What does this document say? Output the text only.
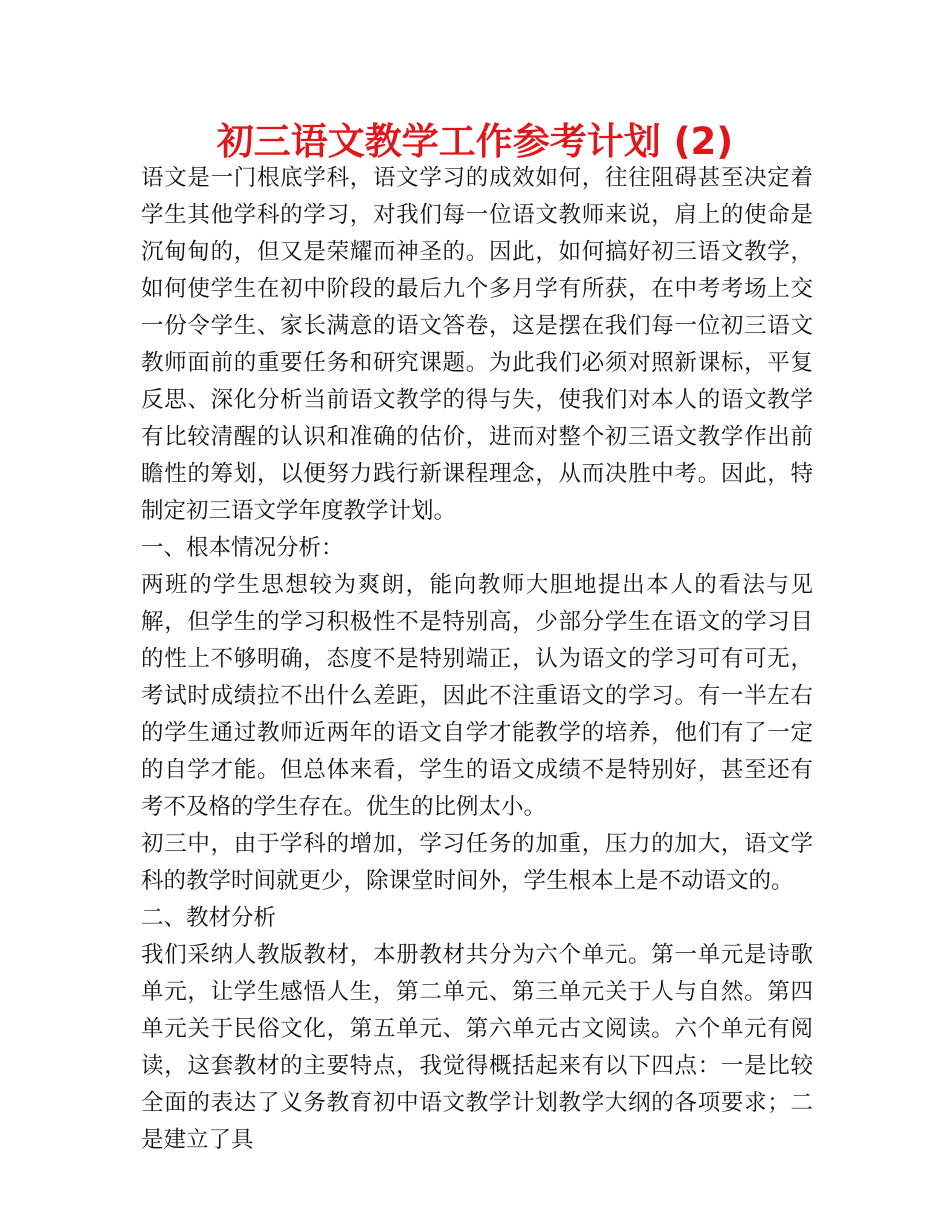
初三语文教学工作参考计划 (2)

语文是一门根底学科，语文学习的成效如何，往往阻碍甚至决定着学生其他学科的学习，对我们每一位语文教师来说，肩上的使命是沉甸甸的，但又是荣耀而神圣的。因此，如何搞好初三语文教学，如何使学生在初中阶段的最后九个多月学有所获，在中考考场上交一份令学生、家长满意的语文答卷，这是摆在我们每一位初三语文教师面前的重要任务和研究课题。为此我们必须对照新课标，平复反思、深化分析当前语文教学的得与失，使我们对本人的语文教学有比较清醒的认识和准确的估价，进而对整个初三语文教学作出前瞻性的筹划，以便努力践行新课程理念，从而决胜中考。因此，特制定初三语文学年度教学计划。

一、根本情况分析：

两班的学生思想较为爽朗，能向教师大胆地提出本人的看法与见解，但学生的学习积极性不是特别高，少部分学生在语文的学习目的性上不够明确，态度不是特别端正，认为语文的学习可有可无，考试时成绩拉不出什么差距，因此不注重语文的学习。有一半左右的学生通过教师近两年的语文自学才能教学的培养，他们有了一定的自学才能。但总体来看，学生的语文成绩不是特别好，甚至还有考不及格的学生存在。优生的比例太小。

初三中，由于学科的增加，学习任务的加重，压力的加大，语文学科的教学时间就更少，除课堂时间外，学生根本上是不动语文的。

二、教材分析

我们采纳人教版教材，本册教材共分为六个单元。第一单元是诗歌单元，让学生感悟人生，第二单元、第三单元关于人与自然。第四单元关于民俗文化，第五单元、第六单元古文阅读。六个单元有阅读，这套教材的主要特点，我觉得概括起来有以下四点：一是比较全面的表达了义务教育初中语文教学计划教学大纲的各项要求；二是建立了具
